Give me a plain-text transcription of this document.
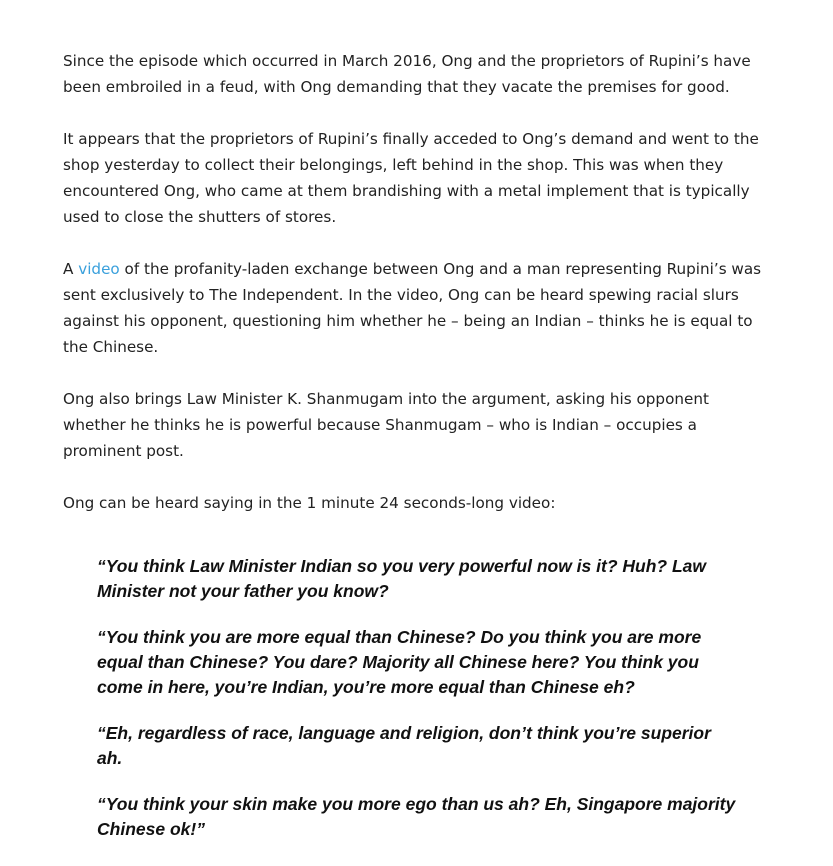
Since the episode which occurred in March 2016, Ong and the proprietors of Rupini’s have been embroiled in a feud, with Ong demanding that they vacate the premises for good.

It appears that the proprietors of Rupini’s finally acceded to Ong’s demand and went to the shop yesterday to collect their belongings, left behind in the shop. This was when they encountered Ong, who came at them brandishing with a metal implement that is typically used to close the shutters of stores.

A video of the profanity-laden exchange between Ong and a man representing Rupini’s was sent exclusively to The Independent. In the video, Ong can be heard spewing racial slurs against his opponent, questioning him whether he – being an Indian – thinks he is equal to the Chinese.

Ong also brings Law Minister K. Shanmugam into the argument, asking his opponent whether he thinks he is powerful because Shanmugam – who is Indian – occupies a prominent post.

Ong can be heard saying in the 1 minute 24 seconds-long video:

“You think Law Minister Indian so you very powerful now is it? Huh? Law Minister not your father you know?

“You think you are more equal than Chinese? Do you think you are more equal than Chinese? You dare? Majority all Chinese here? You think you come in here, you’re Indian, you’re more equal than Chinese eh?

“Eh, regardless of race, language and religion, don’t think you’re superior ah.

“You think your skin make you more ego than us ah? Eh, Singapore majority Chinese ok!”
